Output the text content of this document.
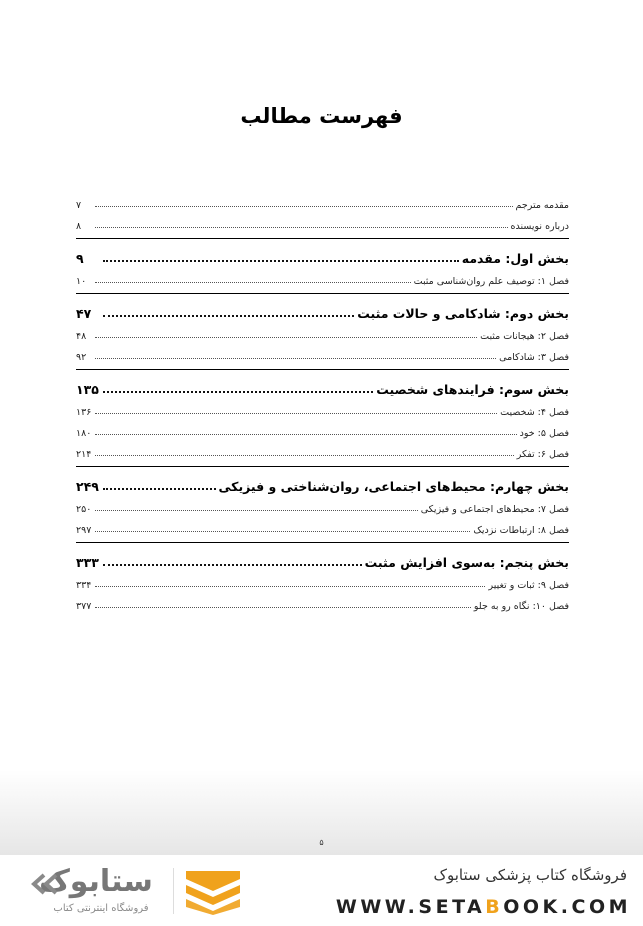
فهرست مطالب
مقدمه مترجم
۷
درباره نویسنده
۸
بخش اول: مقدمه
۹
فصل ۱: توصیف علم روان‌شناسی مثبت
۱۰
بخش دوم: شادکامی و حالات مثبت
۴۷
فصل ۲: هیجانات مثبت
۴۸
فصل ۳: شادکامی
۹۲
بخش سوم: فرایندهای شخصیت
۱۳۵
فصل ۴: شخصیت
۱۳۶
فصل ۵: خود
۱۸۰
فصل ۶: تفکر
۲۱۴
بخش چهارم: محیط‌های اجتماعی، روان‌شناختی و فیزیکی
۲۴۹
فصل ۷: محیط‌های اجتماعی و فیزیکی
۲۵۰
فصل ۸: ارتباطات نزدیک
۲۹۷
بخش پنجم: به‌سوی افزایش مثبت
۳۳۳
فصل ۹: ثبات و تغییر
۳۳۴
فصل ۱۰: نگاه رو به جلو
۳۷۷
۵
فروشگاه اینترنتی کتاب
ستابوک	فروشگاه کتاب پزشکی ستابوک
WWW.SETABOOK.COM
